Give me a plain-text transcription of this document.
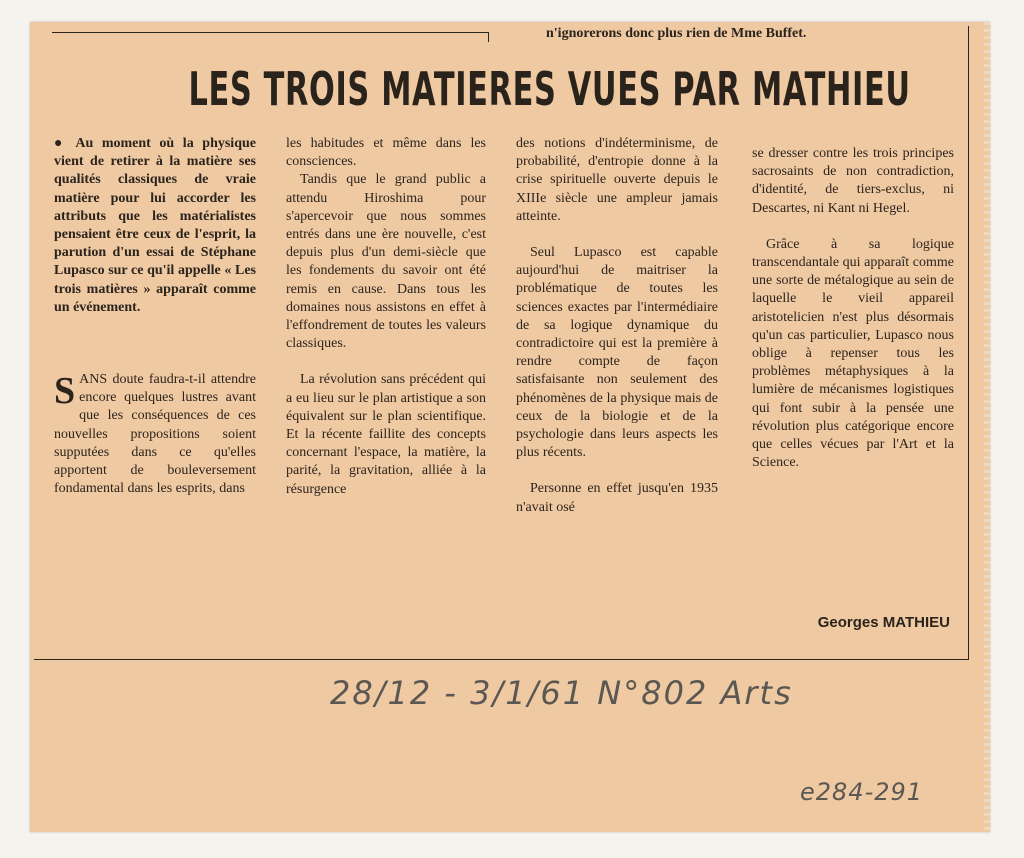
n'ignorerons donc plus rien de Mme Buffet.
LES TROIS MATIERES VUES PAR MATHIEU

● Au moment où la physique vient de retirer à la matière ses qualités classiques de vraie matière pour lui accorder les attributs que les matérialistes pensaient être ceux de l'esprit, la parution d'un essai de Stéphane Lupasco sur ce qu'il appelle « Les trois matières » apparaît comme un événement.

SANS doute faudra-t-il attendre encore quelques lustres avant que les conséquences de ces nouvelles propositions soient supputées dans ce qu'elles apportent de bouleversement fondamental dans les esprits, dans

les habitudes et même dans les consciences.

Tandis que le grand public a attendu Hiroshima pour s'apercevoir que nous sommes entrés dans une ère nouvelle, c'est depuis plus d'un demi-siècle que les fondements du savoir ont été remis en cause. Dans tous les domaines nous assistons en effet à l'effondrement de toutes les valeurs classiques.

La révolution sans précédent qui a eu lieu sur le plan artistique a son équivalent sur le plan scientifique. Et la récente faillite des concepts concernant l'espace, la matière, la parité, la gravitation, alliée à la résurgence

des notions d'indéterminisme, de probabilité, d'entropie donne à la crise spirituelle ouverte depuis le XIIIe siècle une ampleur jamais atteinte.

Seul Lupasco est capable aujourd'hui de maitriser la problématique de toutes les sciences exactes par l'intermédiaire de sa logique dynamique du contradictoire qui est la première à rendre compte de façon satisfaisante non seulement des phénomènes de la physique mais de ceux de la biologie et de la psychologie dans leurs aspects les plus récents.

Personne en effet jusqu'en 1935 n'avait osé

se dresser contre les trois principes sacrosaints de non contradiction, d'identité, de tiers-exclus, ni Descartes, ni Kant ni Hegel.

Grâce à sa logique transcendantale qui apparaît comme une sorte de métalogique au sein de laquelle le vieil appareil aristotelicien n'est plus désormais qu'un cas particulier, Lupasco nous oblige à repenser tous les problèmes métaphysiques à la lumière de mécanismes logistiques qui font subir à la pensée une révolution plus catégorique encore que celles vécues par l'Art et la Science.

Georges MATHIEU
28/12 - 3/1/61 N°802 Arts
e284-291
